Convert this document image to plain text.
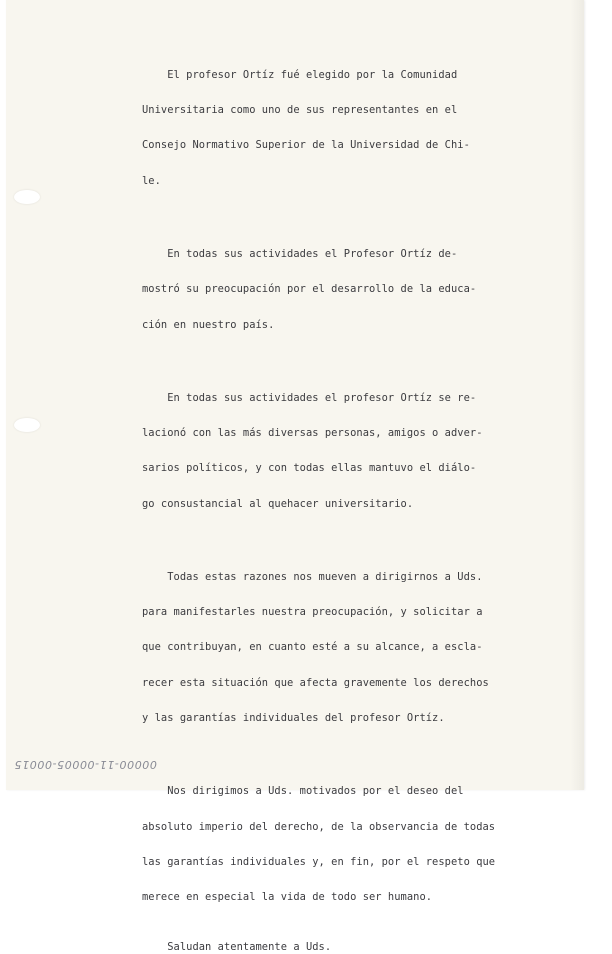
El profesor Ortíz fué elegido por la Comunidad

Universitaria como uno de sus representantes en el

Consejo Normativo Superior de la Universidad de Chi-

le.

En todas sus actividades el Profesor Ortíz de-

mostró su preocupación por el desarrollo de la educa-

ción en nuestro país.

En todas sus actividades el profesor Ortíz se re-

lacionó con las más diversas personas, amigos o adver-

sarios políticos, y con todas ellas mantuvo el diálo-

go consustancial al quehacer universitario.

Todas estas razones nos mueven a dirigirnos a Uds.

para manifestarles nuestra preocupación, y solicitar a

que contribuyan, en cuanto esté a su alcance, a escla-

recer esta situación que afecta gravemente los derechos

y las garantías individuales del profesor Ortíz.

Nos dirigimos a Uds. motivados por el deseo del

absoluto imperio del derecho, de la observancia de todas

las garantías individuales y, en fin, por el respeto que

merece en especial la vida de todo ser humano.

Saludan atentamente a Uds.
00000-11-00005-00015
